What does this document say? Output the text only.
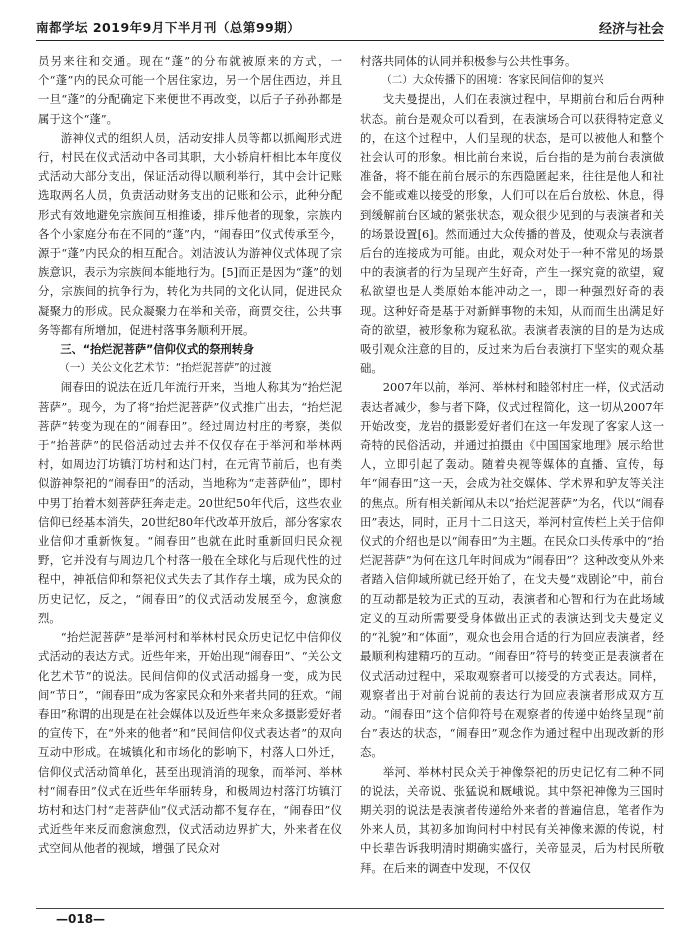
南都学坛 2019年9月下半月刊（总第99期）	经济与社会

员另来往和交通。现在“蓬”的分布就被原来的方式，一个“蓬”内的民众可能一个居住家边，另一个居住西边，并且一旦“蓬”的分配确定下来便世不再改变，以后子子孙孙都是属于这个“蓬”。

游神仪式的组织人员，活动安排人员等都以抓阄形式进行，村民在仪式活动中各司其职，大小轿肩杆相比本年度仪式活动大部分支出，保证活动得以顺利举行，其中会计记账选取两名人员，负责活动财务支出的记账和公示，此种分配形式有效地避免宗族间互相推诿，排斥他者的现象，宗族内各个小家庭分布在不同的“蓬”内，“闹春田”仪式传承至今，源于“蓬”内民众的相互配合。刘洁波认为游神仪式体现了宗族意识，表示为宗族间本能地行为。[5]而正是因为“蓬”的划分，宗族间的抗争行为，转化为共同的文化认同，促进民众凝聚力的形成。民众凝聚力在举和关帝，商贾交往，公共事务等都有所增加，促进村落事务顺利开展。

三、“抬烂泥菩萨”信仰仪式的祭刑转身

（一）关公文化艺术节：“抬烂泥菩萨”的过渡

闹春田的说法在近几年流行开来，当地人称其为“抬烂泥菩萨”。现今，为了将“抬烂泥菩萨”仪式推广出去，“抬烂泥菩萨”转变为现在的“闹春田”。经过周边村庄的考察，类似于“抬菩萨”的民俗活动过去并不仅仅存在于举河和举林两村，如周边汀坊镇汀坊村和达门村，在元宵节前后，也有类似游神祭祀的“闹春田”的活动，当地称为“走菩萨仙”，即村中男丁抬着木刻菩萨狂奔走走。20世纪50年代后，这些农业信仰已经基本消失，20世纪80年代改革开放后，部分客家农业信仰才重新恢复。“闹春田”也就在此时重新回归民众视野，它并没有与周边几个村落一般在全球化与后现代性的过程中，神祇信仰和祭祀仪式失去了其作存土壤，成为民众的历史记忆，反之，“闹春田”的仪式活动发展至今，愈演愈烈。

“抬烂泥菩萨”是举河村和举林村民众历史记忆中信仰仪式活动的表达方式。近些年来，开始出现“闹春田”、“关公文化艺术节”的说法。民间信仰的仪式活动摇身一变，成为民间“节日”，“闹春田”成为客家民众和外来者共同的狂欢。“闹春田”称谓的出现是在社会媒体以及近些年来众多摄影爱好者的宣传下，在“外来的他者”和“民间信仰仪式表达者”的双向互动中形成。在城镇化和市场化的影响下，村落人口外迁，信仰仪式活动简单化，甚至出现消消的现象，而举河、举林村“闹春田”仪式在近些年华丽转身，和极周边村落汀坊镇汀坊村和达门村“走菩萨仙”仪式活动都不复存在，“闹春田”仪式近些年来反而愈演愈烈，仪式活动边界扩大，外来者在仪式空间从他者的视域，增强了民众对

村落共同体的认同并积极参与公共性事务。

（二）大众传播下的困境：客家民间信仰的复兴

戈夫曼提出，人们在表演过程中，早期前台和后台两种状态。前台是观众可以看到，在表演场合可以获得特定意义的，在这个过程中，人们呈现的状态，是可以被他人和整个社会认可的形象。相比前台来说，后台指的是为前台表演做准备，将不能在前台展示的东西隐匿起来，往往是他人和社会不能或难以接受的形象，人们可以在后台放松、休息，得到缓解前台区域的紧张状态，观众很少见到的与表演者和关的场景设置[6]。然而通过大众传播的普及，使观众与表演者后台的连接成为可能。由此，观众对处于一种不常见的场景中的表演者的行为呈现产生好奇，产生一探究竟的欲望，窥私欲望也是人类原始本能冲动之一，即一种强烈好奇的表现。这种好奇是基于对新鲜事物的未知，从而而生出满足好奇的欲望，被形象称为窥私欲。表演者表演的目的是为达成吸引观众注意的目的，反过来为后台表演打下坚实的观众基础。

2007年以前，举河、举林村和睦邻村庄一样，仪式活动表达者减少，参与者下降，仪式过程简化，这一切从2007年开始改变，龙岩的摄影爱好者们在这一年发现了客家人这一奇特的民俗活动，并通过拍摄由《中国国家地理》展示给世人，立即引起了轰动。随着央视等媒体的直播、宣传，每年“闹春田”这一天，会成为社交媒体、学术界和驴友等关注的焦点。所有相关新闻从未以“抬烂泥菩萨”为名，代以“闹春田”表达，同时，正月十二日这天，举河村宣传栏上关于信仰仪式的介绍也是以“闹春田”为主题。在民众口头传承中的“抬烂泥菩萨”为何在这几年时间成为“闹春田”？这种改变从外来者踏入信仰域所就已经开始了，在戈夫曼“戏剧论”中，前台的互动都是较为正式的互动，表演者和心智和行为在此场域定义的互动所需要受身体做出正式的表演达到戈夫曼定义的“礼貌”和“体面”，观众也会用合适的行为回应表演者，经最顺利构建精巧的互动。“闹春田”符号的转变正是表演者在仪式活动过程中，采取观察者可以接受的方式表达。同样，观察者出于对前台说前的表达行为回应表演者形成双方互动。“闹春田”这个信仰符号在观察者的传递中始终呈现“前台”表达的状态，“闹春田”观念作为通过程中出现改新的形态。

举河、举林村民众关于神像祭祀的历史记忆有二种不同的说法，关帝说、张猛说和厩峨说。其中祭祀神像为三国时期关羽的说法是表演者传递给外来者的普遍信息，笔者作为外来人员，其初多加询问村中村民有关神像来源的传说，村中长辈告诉我明清时期确实盛行，关帝显灵，后为村民所敬拜。在后来的调查中发现，不仅仅

—018—
